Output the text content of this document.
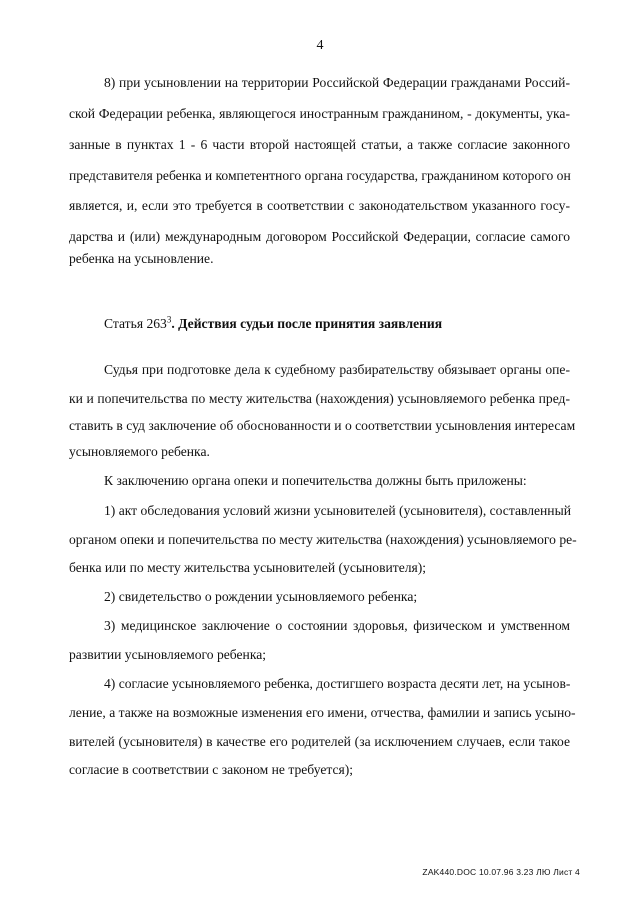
4
8) при усыновлении на территории Российской Федерации гражданами Россий-
ской Федерации ребенка, являющегося иностранным гражданином, - документы, ука-
занные в пунктах 1 - 6 части второй настоящей статьи, а также согласие законного
представителя ребенка и компетентного органа государства, гражданином которого он
является, и, если это требуется в соответствии с законодательством указанного госу-
дарства и (или) международным договором Российской Федерации, согласие самого
ребенка на усыновление.
Статья $263^3$. Действия судьи после принятия заявления
Судья при подготовке дела к судебному разбирательству обязывает органы опе-
ки и попечительства по месту жительства (нахождения) усыновляемого ребенка пред-
ставить в суд заключение об обоснованности и о соответствии усыновления интересам
усыновляемого ребенка.
К заключению органа опеки и попечительства должны быть приложены:
1) акт обследования условий жизни усыновителей (усыновителя), составленный
органом опеки и попечительства по месту жительства (нахождения) усыновляемого ре-
бенка или по месту жительства усыновителей (усыновителя);
2) свидетельство о рождении усыновляемого ребенка;
3) медицинское заключение о состоянии здоровья, физическом и умственном
развитии усыновляемого ребенка;
4) согласие усыновляемого ребенка, достигшего возраста десяти лет, на усынов-
ление, а также на возможные изменения его имени, отчества, фамилии и запись усыно-
вителей (усыновителя) в качестве его родителей (за исключением случаев, если такое
согласие в соответствии с законом не требуется);
ZAK440.DOC 10.07.96 3.23 ЛЮ Лист 4
